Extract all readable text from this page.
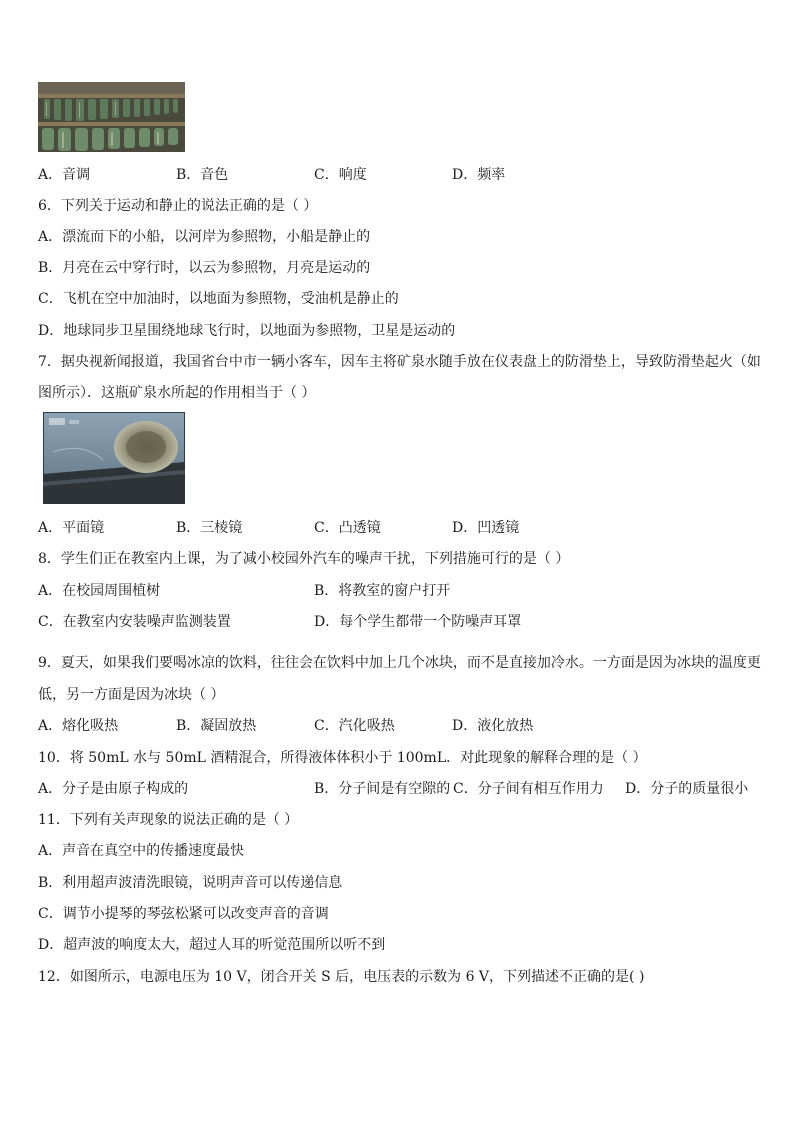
A．音调	B．音色	C．响度	D．频率
6．下列关于运动和静止的说法正确的是（ ）
A．漂流而下的小船，以河岸为参照物，小船是静止的
B．月亮在云中穿行时，以云为参照物，月亮是运动的
C．飞机在空中加油时，以地面为参照物，受油机是静止的
D．地球同步卫星围绕地球飞行时，以地面为参照物，卫星是运动的
7．据央视新闻报道，我国省台中市一辆小客车，因车主将矿泉水随手放在仪表盘上的防滑垫上，导致防滑垫起火（如
图所示）．这瓶矿泉水所起的作用相当于（ ）
A．平面镜	B．三棱镜	C．凸透镜	D．凹透镜
8．学生们正在教室内上课，为了减小校园外汽车的噪声干扰，下列措施可行的是（ ）
A．在校园周围植树	B．将教室的窗户打开
C．在教室内安装噪声监测装置	D．每个学生都带一个防噪声耳罩
9．夏天，如果我们要喝冰凉的饮料，往往会在饮料中加上几个冰块，而不是直接加冷水。一方面是因为冰块的温度更
低，另一方面是因为冰块（ ）
A．熔化吸热	B．凝固放热	C．汽化吸热	D．液化放热
10．将 50mL 水与 50mL 酒精混合，所得液体体积小于 100mL．对此现象的解释合理的是（ ）
A．分子是由原子构成的	B．分子间是有空隙的 C．分子间有相互作用力 D．分子的质量很小
11．下列有关声现象的说法正确的是（ ）
A．声音在真空中的传播速度最快
B．利用超声波清洗眼镜，说明声音可以传递信息
C．调节小提琴的琴弦松紧可以改变声音的音调
D．超声波的响度太大，超过人耳的听觉范围所以听不到
12．如图所示，电源电压为 10 V，闭合开关 S 后，电压表的示数为 6 V，下列描述不正确的是( )
